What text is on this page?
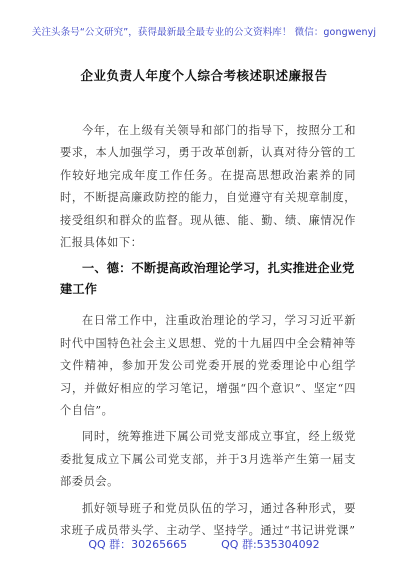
关注头条号“公文研究”，获得最新最全最专业的公文资料库！ 微信：gongwenyj
企业负责人年度个人综合考核述职述廉报告

今年，在上级有关领导和部门的指导下，按照分工和要求，本人加强学习，勇于改革创新，认真对待分管的工作较好地完成年度工作任务。在提高思想政治素养的同时，不断提高廉政防控的能力，自觉遵守有关规章制度，接受组织和群众的监督。现从德、能、勤、绩、廉情况作汇报具体如下：

一、德：不断提高政治理论学习，扎实推进企业党建工作

在日常工作中，注重政治理论的学习，学习习近平新时代中国特色社会主义思想、党的十九届四中全会精神等文件精神，参加开发公司党委开展的党委理论中心组学习，并做好相应的学习笔记，增强“四个意识”、坚定“四个自信”。

同时，统筹推进下属公司党支部成立事宜，经上级党委批复成立下属公司党支部，并于3月选举产生第一届支部委员会。

抓好领导班子和党员队伍的学习，通过各种形式，要求班子成员带头学、主动学、坚持学。通过“书记讲党课”

QQ 群：30265665	QQ 群:535304092
